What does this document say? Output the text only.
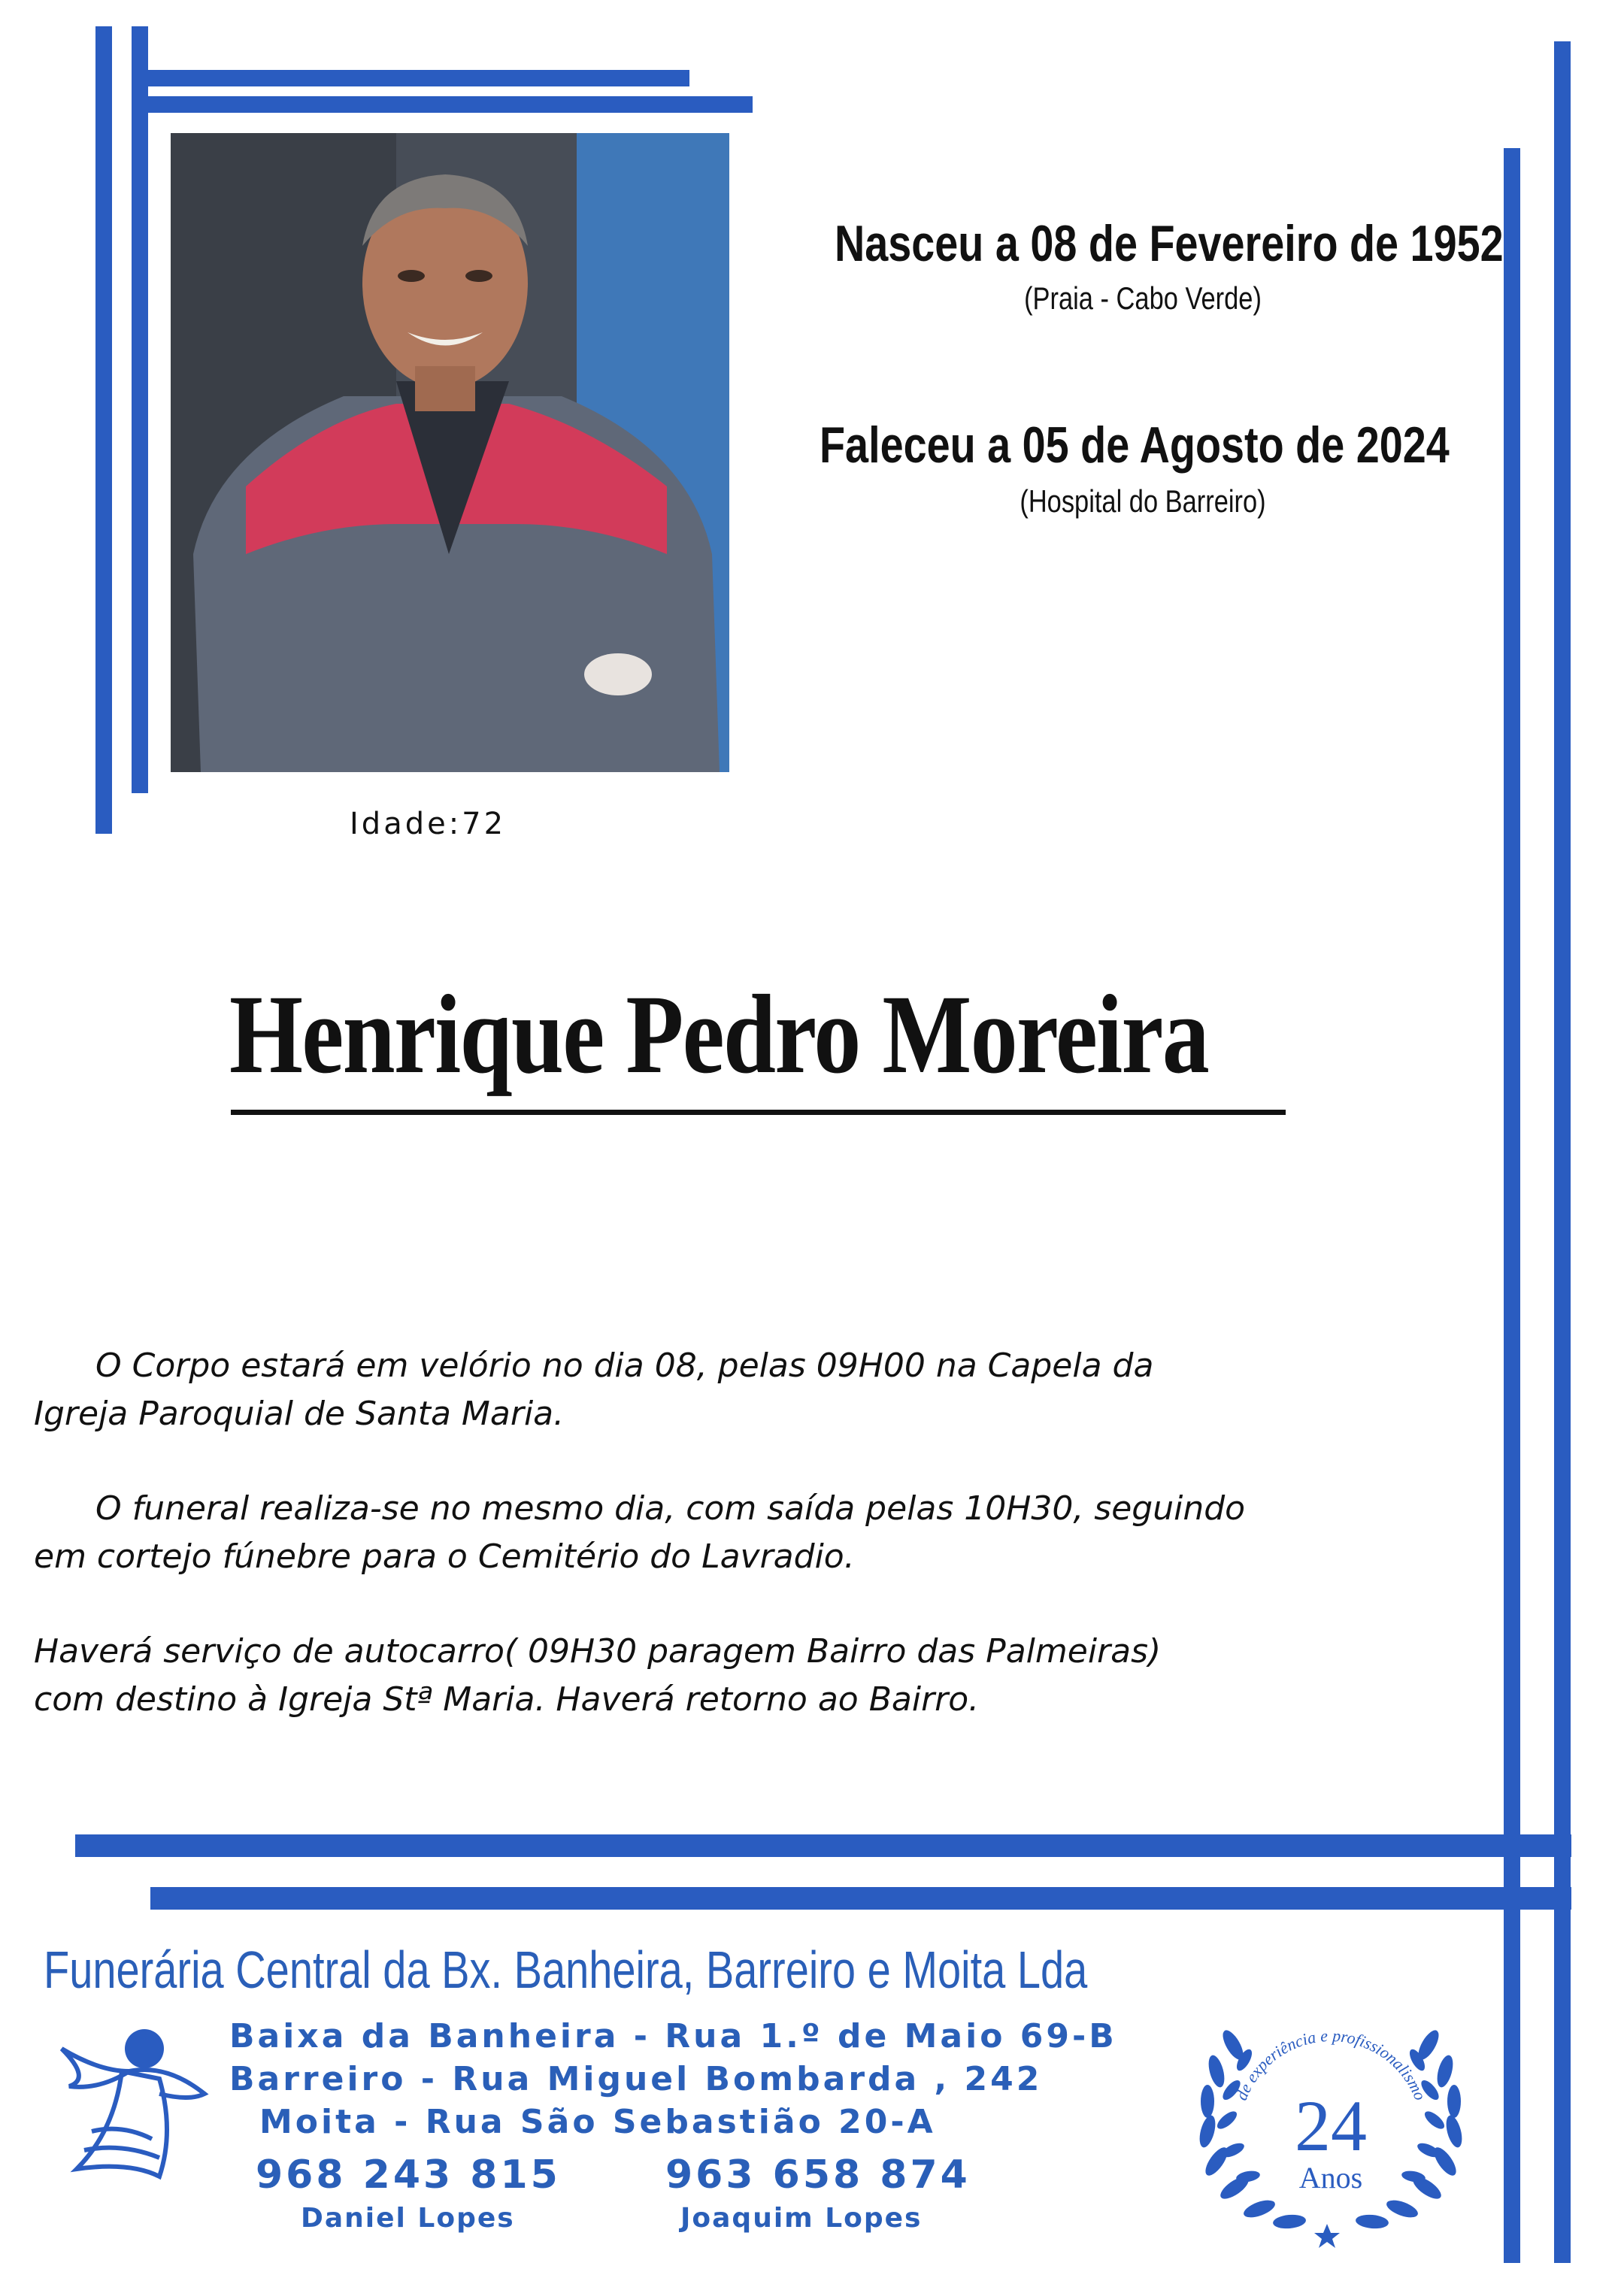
Nasceu a 08 de Fevereiro de 1952
(Praia - Cabo Verde)
Faleceu a 05 de Agosto de 2024
(Hospital do Barreiro)
Idade:72
Henrique Pedro Moreira
O Corpo estará em velório no dia 08, pelas 09H00 na Capela da
Igreja Paroquial de Santa Maria.
O funeral realiza-se no mesmo dia, com saída pelas 10H30, seguindo
em cortejo fúnebre para o Cemitério do Lavradio.
Haverá serviço de autocarro( 09H30 paragem Bairro das Palmeiras)
com destino à Igreja Stª Maria. Haverá retorno ao Bairro.
Funerária Central da Bx. Banheira, Barreiro e Moita Lda
Baixa da Banheira - Rua 1.º de Maio 69-B
Barreiro - Rua Miguel Bombarda , 242
Moita - Rua São Sebastião 20-A
968 243 815	963 658 874
Daniel Lopes	Joaquim Lopes
de experiência e profissionalismo
24
Anos
